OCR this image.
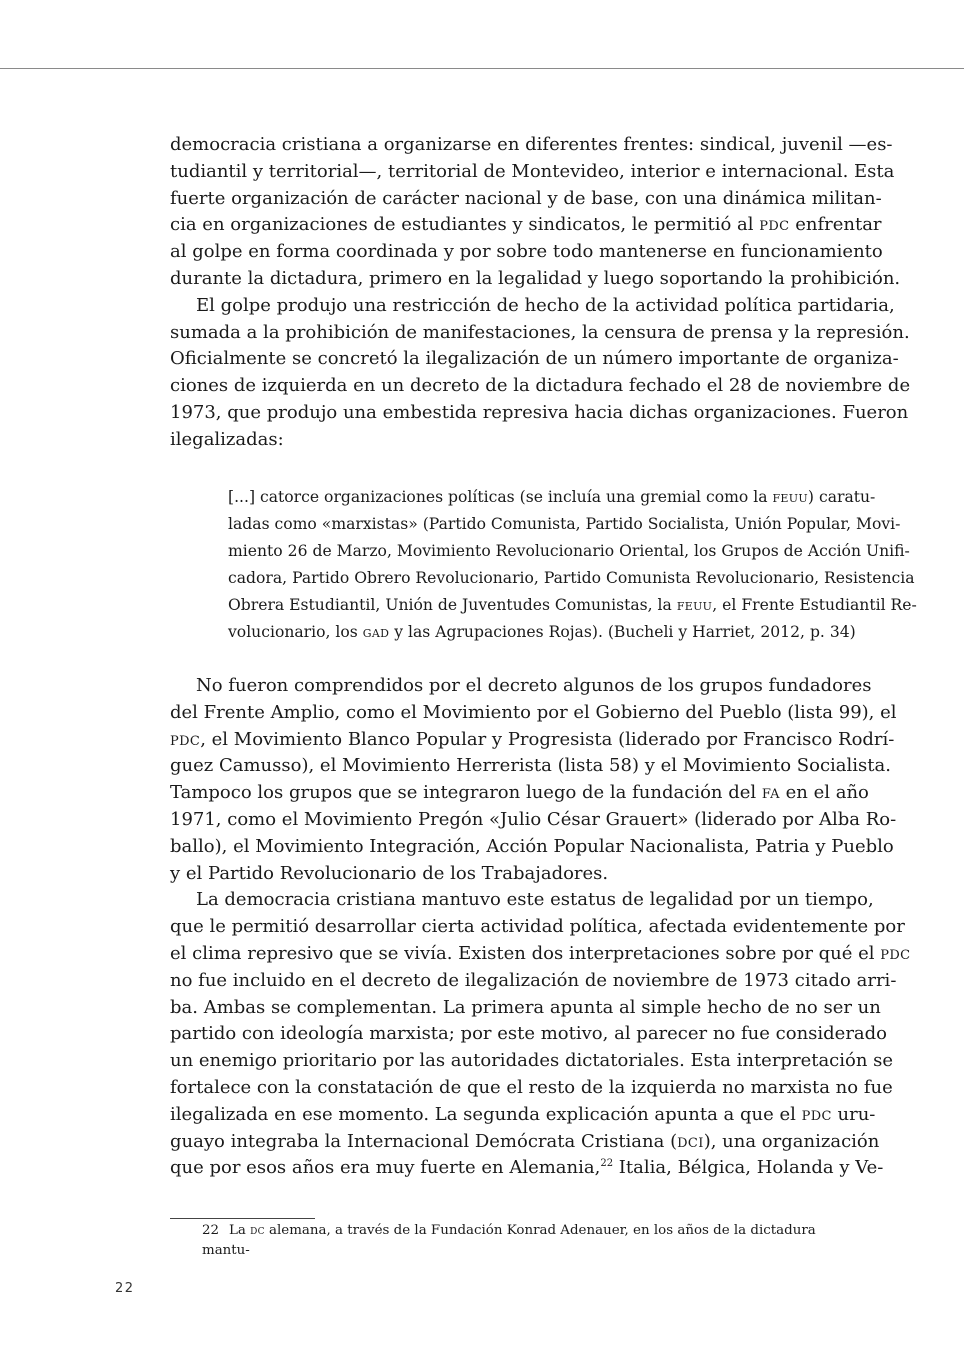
democracia cristiana a organizarse en diferentes frentes: sindical, juvenil —es-
tudiantil y territorial—, territorial de Montevideo, interior e internacional. Esta
fuerte organización de carácter nacional y de base, con una dinámica militan-
cia en organizaciones de estudiantes y sindicatos, le permitió al pdc enfrentar
al golpe en forma coordinada y por sobre todo mantenerse en funcionamiento
durante la dictadura, primero en la legalidad y luego soportando la prohibición.
El golpe produjo una restricción de hecho de la actividad política partidaria,
sumada a la prohibición de manifestaciones, la censura de prensa y la represión.
Oficialmente se concretó la ilegalización de un número importante de organiza-
ciones de izquierda en un decreto de la dictadura fechado el 28 de noviembre de
1973, que produjo una embestida represiva hacia dichas organizaciones. Fueron
ilegalizadas:
[...] catorce organizaciones políticas (se incluía una gremial como la feuu) caratu-
ladas como «marxistas» (Partido Comunista, Partido Socialista, Unión Popular, Movi-
miento 26 de Marzo, Movimiento Revolucionario Oriental, los Grupos de Acción Unifi-
cadora, Partido Obrero Revolucionario, Partido Comunista Revolucionario, Resistencia
Obrera Estudiantil, Unión de Juventudes Comunistas, la feuu, el Frente Estudiantil Re-
volucionario, los gad y las Agrupaciones Rojas). (Bucheli y Harriet, 2012, p. 34)
No fueron comprendidos por el decreto algunos de los grupos fundadores
del Frente Amplio, como el Movimiento por el Gobierno del Pueblo (lista 99), el
pdc, el Movimiento Blanco Popular y Progresista (liderado por Francisco Rodrí-
guez Camusso), el Movimiento Herrerista (lista 58) y el Movimiento Socialista.
Tampoco los grupos que se integraron luego de la fundación del fa en el año
1971, como el Movimiento Pregón «Julio César Grauert» (liderado por Alba Ro-
ballo), el Movimiento Integración, Acción Popular Nacionalista, Patria y Pueblo
y el Partido Revolucionario de los Trabajadores.
La democracia cristiana mantuvo este estatus de legalidad por un tiempo,
que le permitió desarrollar cierta actividad política, afectada evidentemente por
el clima represivo que se vivía. Existen dos interpretaciones sobre por qué el pdc
no fue incluido en el decreto de ilegalización de noviembre de 1973 citado arri-
ba. Ambas se complementan. La primera apunta al simple hecho de no ser un
partido con ideología marxista; por este motivo, al parecer no fue considerado
un enemigo prioritario por las autoridades dictatoriales. Esta interpretación se
fortalece con la constatación de que el resto de la izquierda no marxista no fue
ilegalizada en ese momento. La segunda explicación apunta a que el pdc uru-
guayo integraba la Internacional Demócrata Cristiana (dci), una organización
que por esos años era muy fuerte en Alemania,$^{22}$ Italia, Bélgica, Holanda y Ve-
22 La dc alemana, a través de la Fundación Konrad Adenauer, en los años de la dictadura mantu-
22
